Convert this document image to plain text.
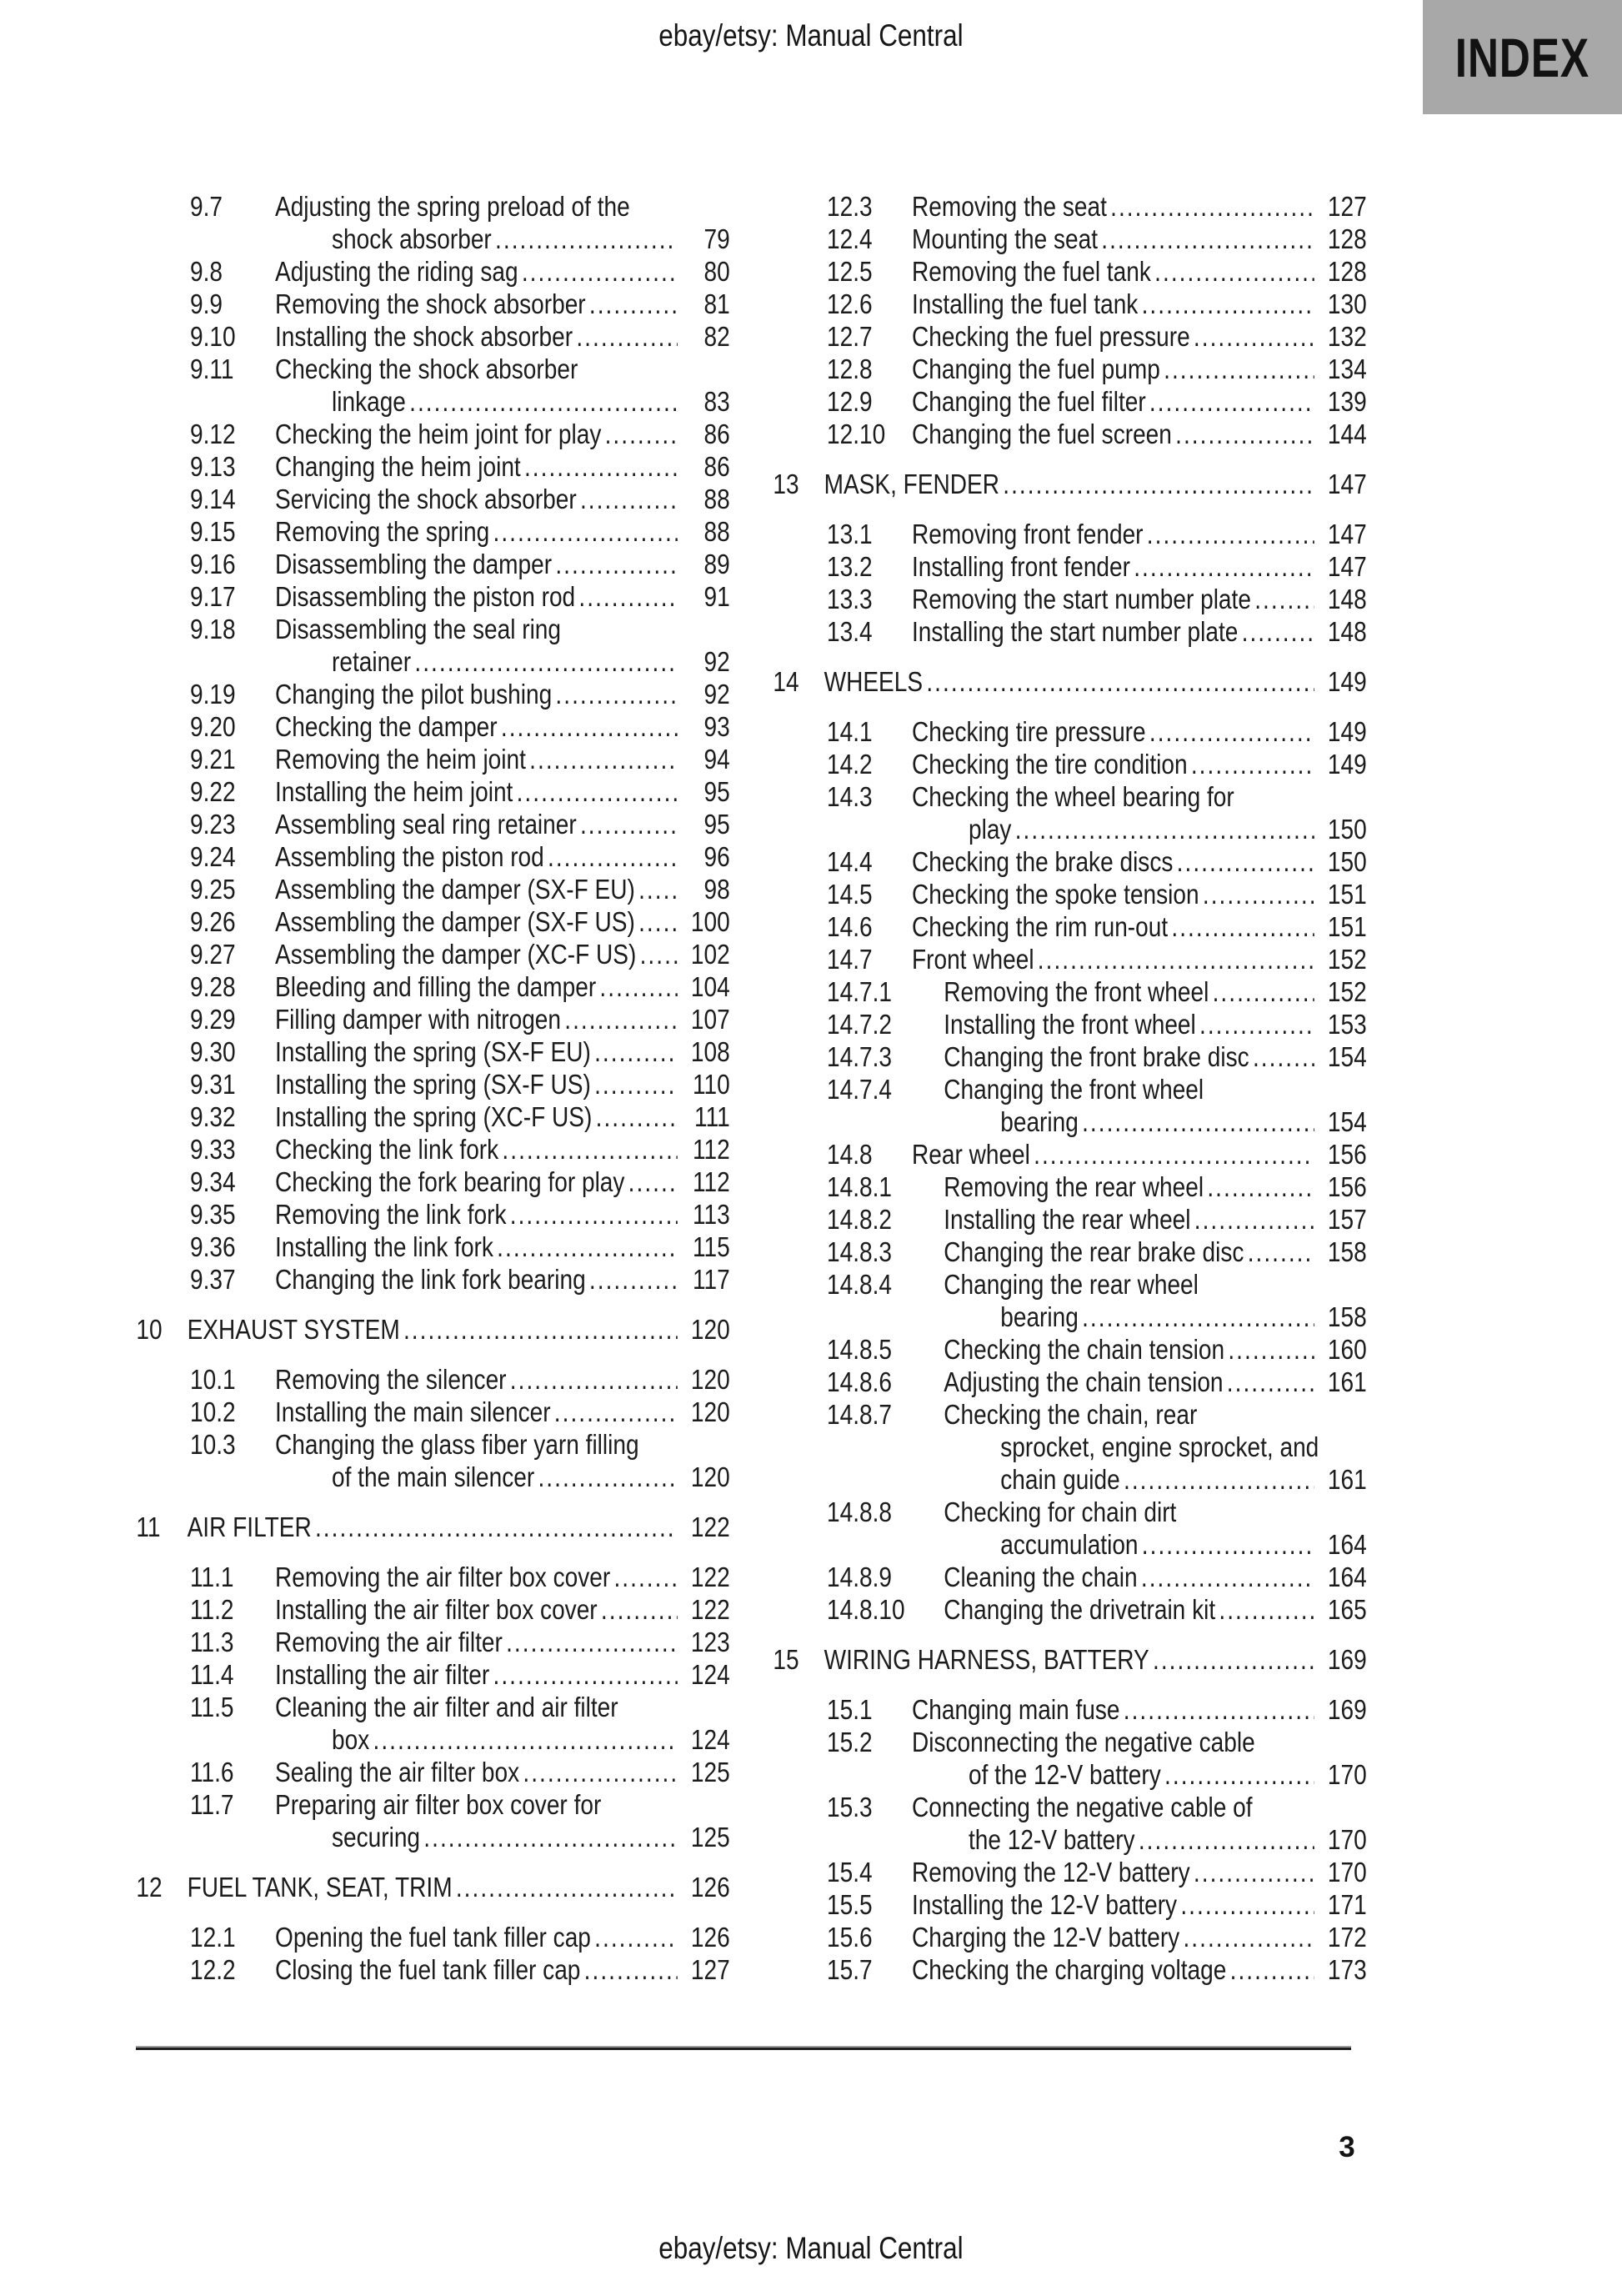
ebay/etsy: Manual Central	INDEX
9.7	Adjusting the spring preload of the
shock absorber .....	79
9.8	Adjusting the riding sag .....	80
9.9	Removing the shock absorber .....	81
9.10	Installing the shock absorber .....	82
9.11	Checking the shock absorber
linkage .....	83
9.12	Checking the heim joint for play .....	86
9.13	Changing the heim joint .....	86
9.14	Servicing the shock absorber .....	88
9.15	Removing the spring .....	88
9.16	Disassembling the damper .....	89
9.17	Disassembling the piston rod .....	91
9.18	Disassembling the seal ring
retainer .....	92
9.19	Changing the pilot bushing .....	92
9.20	Checking the damper .....	93
9.21	Removing the heim joint .....	94
9.22	Installing the heim joint .....	95
9.23	Assembling seal ring retainer .....	95
9.24	Assembling the piston rod .....	96
9.25	Assembling the damper (SX-F EU) .....	98
9.26	Assembling the damper (SX-F US) .....	100
9.27	Assembling the damper (XC-F US) .....	102
9.28	Bleeding and filling the damper .....	104
9.29	Filling damper with nitrogen .....	107
9.30	Installing the spring (SX-F EU) .....	108
9.31	Installing the spring (SX-F US) .....	110
9.32	Installing the spring (XC-F US) .....	111
9.33	Checking the link fork .....	112
9.34	Checking the fork bearing for play .....	112
9.35	Removing the link fork .....	113
9.36	Installing the link fork .....	115
9.37	Changing the link fork bearing .....	117
10 EXHAUST SYSTEM .....	120
10.1	Removing the silencer .....	120
10.2	Installing the main silencer .....	120
10.3	Changing the glass fiber yarn filling
of the main silencer .....	120
11 AIR FILTER .....	122
11.1	Removing the air filter box cover .....	122
11.2	Installing the air filter box cover .....	122
11.3	Removing the air filter .....	123
11.4	Installing the air filter .....	124
11.5	Cleaning the air filter and air filter
box .....	124
11.6	Sealing the air filter box .....	125
11.7	Preparing air filter box cover for
securing .....	125
12 FUEL TANK, SEAT, TRIM .....	126
12.1	Opening the fuel tank filler cap .....	126
12.2	Closing the fuel tank filler cap .....	127
12.3	Removing the seat .....	127
12.4	Mounting the seat .....	128
12.5	Removing the fuel tank .....	128
12.6	Installing the fuel tank .....	130
12.7	Checking the fuel pressure .....	132
12.8	Changing the fuel pump .....	134
12.9	Changing the fuel filter .....	139
12.10 Changing the fuel screen .....	144
13 MASK, FENDER .....	147
13.1	Removing front fender .....	147
13.2	Installing front fender .....	147
13.3	Removing the start number plate .....	148
13.4	Installing the start number plate .....	148
14 WHEELS .....	149
14.1	Checking tire pressure .....	149
14.2	Checking the tire condition .....	149
14.3	Checking the wheel bearing for
play .....	150
14.4	Checking the brake discs .....	150
14.5	Checking the spoke tension .....	151
14.6	Checking the rim run-out .....	151
14.7	Front wheel .....	152
14.7.1	Removing the front wheel .....	152
14.7.2	Installing the front wheel .....	153
14.7.3	Changing the front brake disc .....	154
14.7.4	Changing the front wheel
bearing .....	154
14.8	Rear wheel .....	156
14.8.1	Removing the rear wheel .....	156
14.8.2	Installing the rear wheel .....	157
14.8.3	Changing the rear brake disc .....	158
14.8.4	Changing the rear wheel
bearing .....	158
14.8.5	Checking the chain tension .....	160
14.8.6	Adjusting the chain tension .....	161
14.8.7	Checking the chain, rear
sprocket, engine sprocket, and
chain guide .....	161
14.8.8	Checking for chain dirt
accumulation .....	164
14.8.9	Cleaning the chain .....	164
14.8.10	Changing the drivetrain kit .....	165
15 WIRING HARNESS, BATTERY .....	169
15.1	Changing main fuse .....	169
15.2	Disconnecting the negative cable
of the 12-V battery .....	170
15.3	Connecting the negative cable of
the 12-V battery .....	170
15.4	Removing the 12-V battery .....	170
15.5	Installing the 12-V battery .....	171
15.6	Charging the 12-V battery .....	172
15.7	Checking the charging voltage .....	173
3
ebay/etsy: Manual Central
